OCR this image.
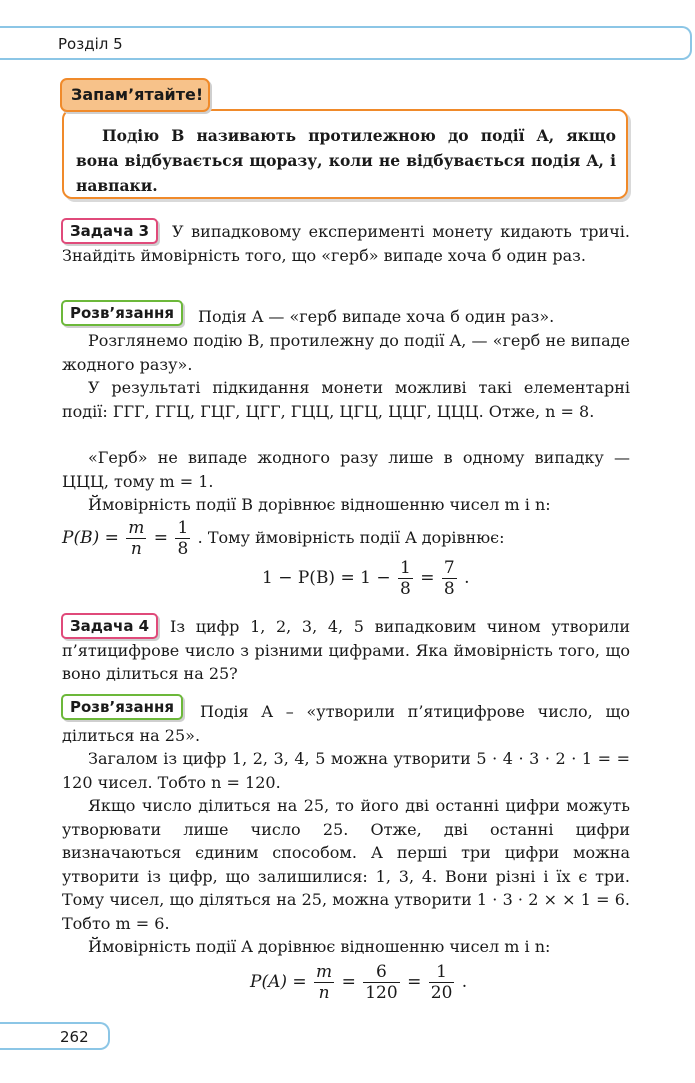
Розділ 5
Запам’ятайте!

Подію B називають протилежною до події A, якщо вона відбувається щоразу, коли не відбувається подія A, і навпаки.

У випадковому експерименті монету кидають тричі. Знайдіть ймовірність того, що «герб» випаде хоча б один раз.

Задача 3

Подія A — «герб випаде хоча б один раз».

Розв’язання

Розглянемо подію B, протилежну до події A, — «герб не випаде жодного разу».

У результаті підкидання монети можливі такі елементарні події: ГГГ, ГГЦ, ГЦГ, ЦГГ, ГЦЦ, ЦГЦ, ЦЦГ, ЦЦЦ. Отже, n = 8.

«Герб» не випаде жодного разу лише в одному випадку — ЦЦЦ, тому m = 1.

Ймовірність події B дорівнює відношенню чисел m і n:

$P(B) = \frac{m}{n} = \frac{1}{8}$ . Тому ймовірність події A дорівнює:
$1 - P(B) = 1 - \frac{1}{8} = \frac{7}{8}$ .

Із цифр 1, 2, 3, 4, 5 випадковим чином утворили п’ятицифрове число з різними цифрами. Яка ймовірність того, що воно ділиться на 25?

Задача 4

Подія A – «утворили п’ятицифрове число, що ділиться на 25».

Розв’язання

Загалом із цифр 1, 2, 3, 4, 5 можна утворити 5 · 4 · 3 · 2 · 1 = = 120 чисел. Тобто n = 120.

Якщо число ділиться на 25, то його дві останні цифри можуть утворювати лише число 25. Отже, дві останні цифри визначаються єдиним способом. А перші три цифри можна утворити із цифр, що залишилися: 1, 3, 4. Вони різні і їх є три. Тому чисел, що діляться на 25, можна утворити 1 · 3 · 2 × × 1 = 6. Тобто m = 6.

Ймовірність події A дорівнює відношенню чисел m і n:

$P(A) = \frac{m}{n} = \frac{6}{120} = \frac{1}{20}$ .
262
